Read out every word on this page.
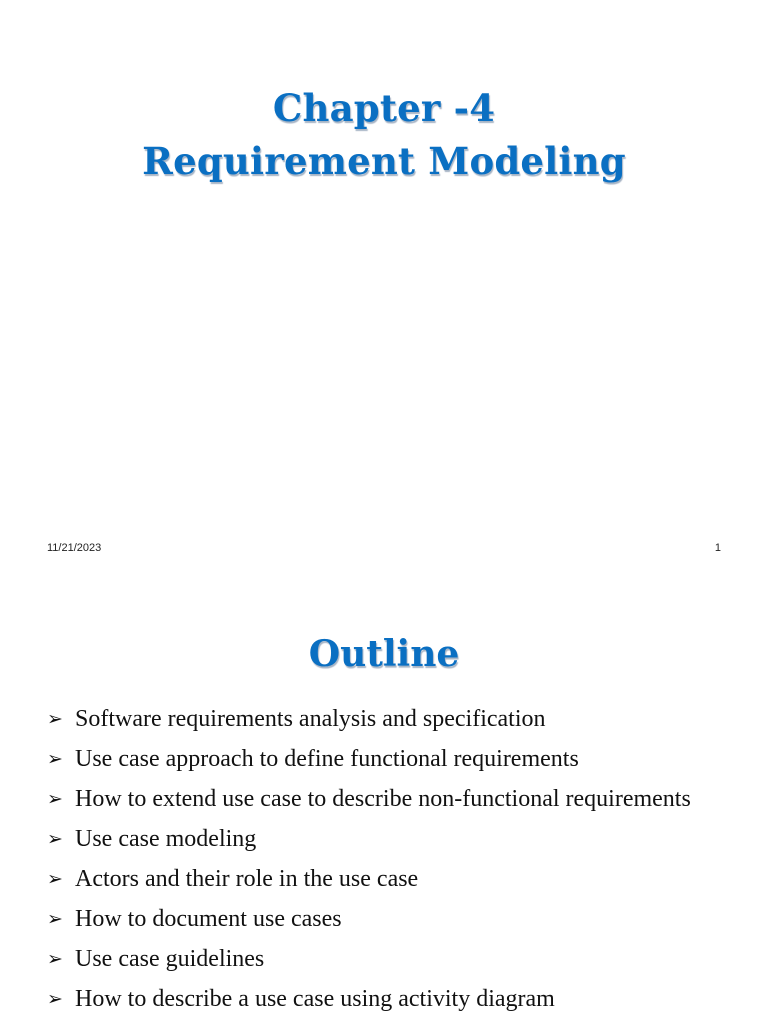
Chapter -4
Requirement Modeling
11/21/2023	1
Outline
➢ Software requirements analysis and specification
➢ Use case approach to define functional requirements
➢ How to extend use case to describe non-functional requirements
➢ Use case modeling
➢ Actors and their role in the use case
➢ How to document use cases
➢ Use case guidelines
➢ How to describe a use case using activity diagram
